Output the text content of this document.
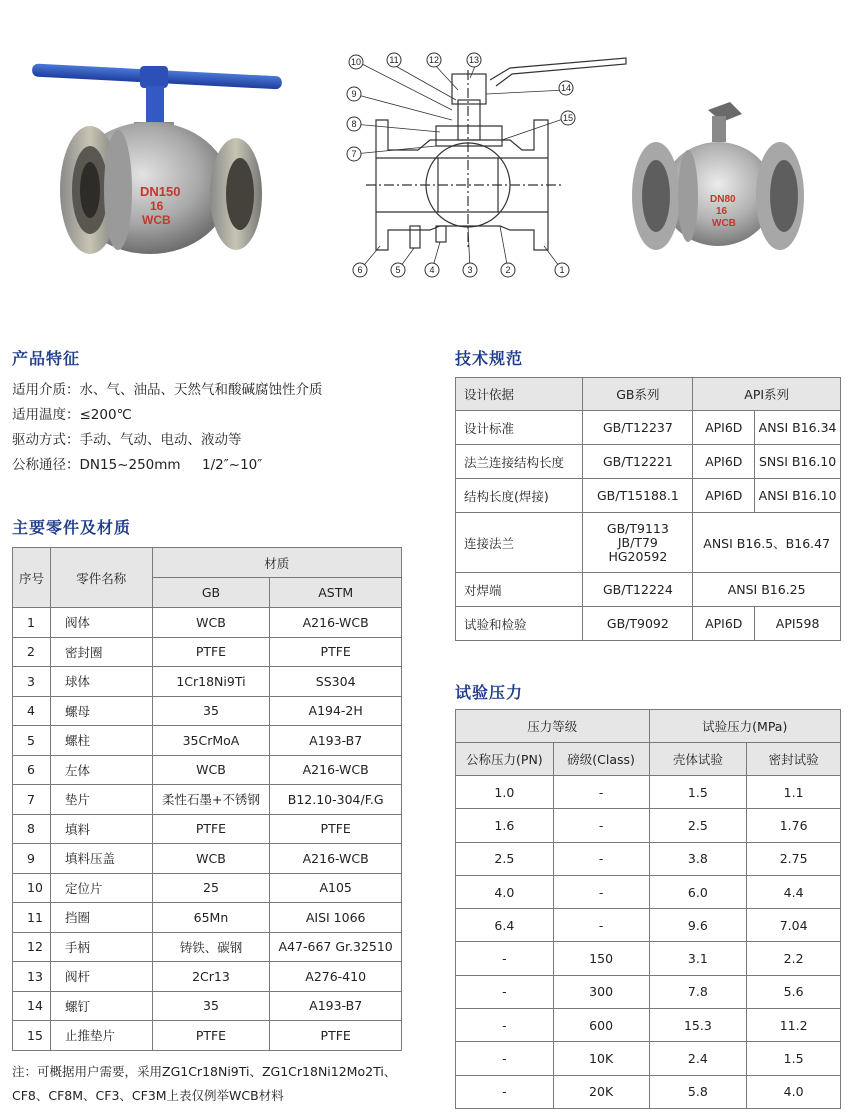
DN150
16
WCB
1
2
3
4
5
6
7
8
9
10	11	12	13
14
15
DN80
16
WCB
产品特征
适用介质：水、气、油品、天然气和酸碱腐蚀性介质
适用温度：≤200℃
驱动方式：手动、气动、电动、液动等
公称通径：DN15~250mm     1/2″~10″
主要零件及材质
序号	零件名称	材质	
		GB	ASTM
1	阀体	WCB	A216-WCB
2	密封圈	PTFE	PTFE
3	球体	1Cr18Ni9Ti	SS304
4	螺母	35	A194-2H
5	螺柱	35CrMoA	A193-B7
6	左体	WCB	A216-WCB
7	垫片	柔性石墨+不锈钢	B12.10-304/F.G
8	填料	PTFE	PTFE
9	填料压盖	WCB	A216-WCB
10	定位片	25	A105
11	挡圈	65Mn	AISI 1066
12	手柄	铸铁、碳钢	A47-667 Gr.32510
13	阀杆	2Cr13	A276-410
14	螺钉	35	A193-B7
15	止推垫片	PTFE	PTFE
注：可概据用户需要，采用ZG1Cr18Ni9Ti、ZG1Cr18Ni12Mo2Ti、
CF8、CF8M、CF3、CF3M上表仅例举WCB材料
技术规范
设计依据	GB系列	API系列	
设计标准	GB/T12237	API6D	ANSI B16.34
法兰连接结构长度	GB/T12221	API6D	SNSI B16.10
结构长度(焊接)	GB/T15188.1	API6D	ANSI B16.10
连接法兰	GB/T9113
JB/T79
HG20592	ANSI B16.5、B16.47	
对焊端	GB/T12224	ANSI B16.25	
试验和检验	GB/T9092	API6D	API598
试验压力
压力等级		试验压力(MPa)	
公称压力(PN)	磅级(Class)	壳体试验	密封试验
1.0	-	1.5	1.1
1.6	-	2.5	1.76
2.5	-	3.8	2.75
4.0	-	6.0	4.4
6.4	-	9.6	7.04
-	150	3.1	2.2
-	300	7.8	5.6
-	600	15.3	11.2
-	10K	2.4	1.5
-	20K	5.8	4.0
